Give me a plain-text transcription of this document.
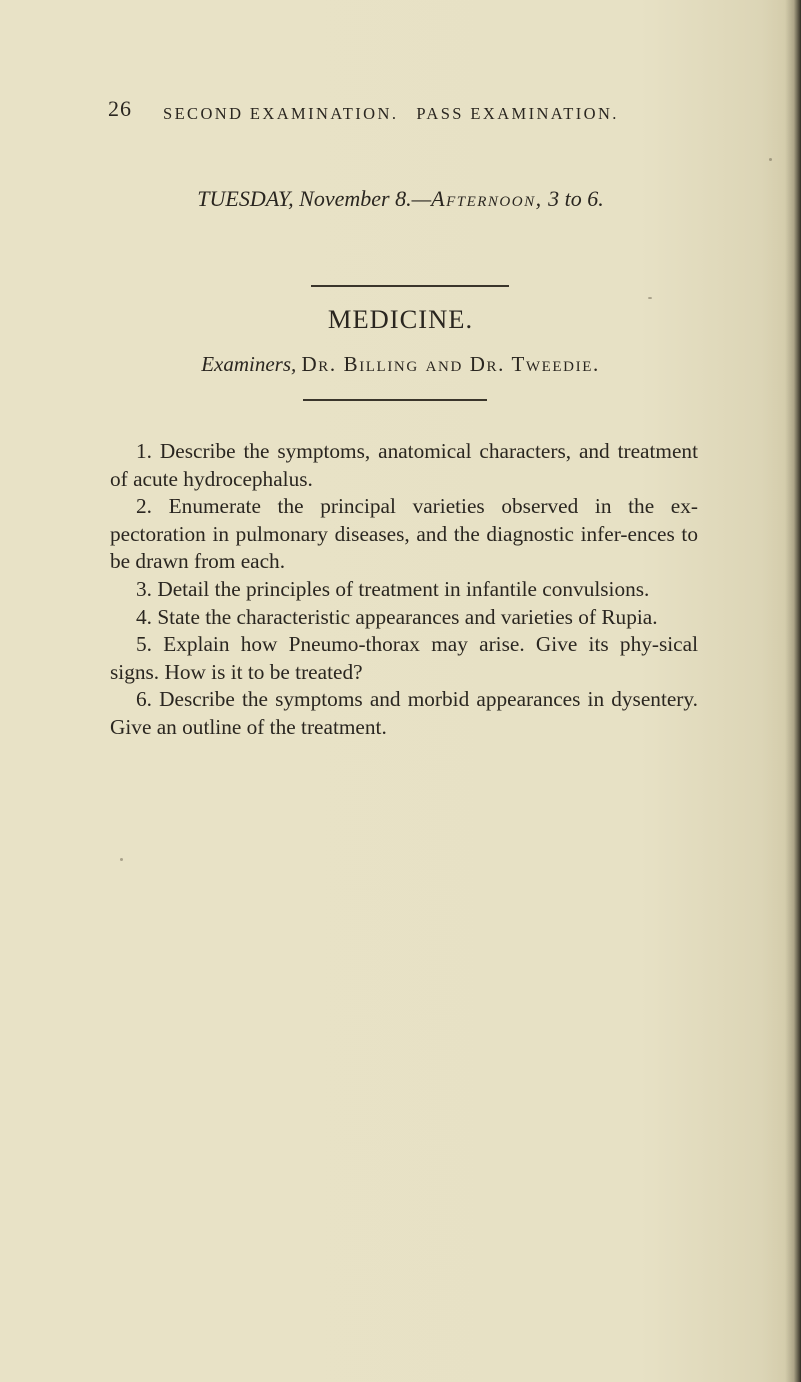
26 SECOND EXAMINATION. PASS EXAMINATION.
TUESDAY, November 8.—Afternoon, 3 to 6.
MEDICINE.
Examiners, Dr. Billing and Dr. Tweedie.
1. Describe the symptoms, anatomical characters, and treatment of acute hydrocephalus.
2. Enumerate the principal varieties observed in the ex-pectoration in pulmonary diseases, and the diagnostic infer-ences to be drawn from each.
3. Detail the principles of treatment in infantile convulsions.
4. State the characteristic appearances and varieties of Rupia.
5. Explain how Pneumo-thorax may arise. Give its phy-sical signs. How is it to be treated?
6. Describe the symptoms and morbid appearances in dysentery. Give an outline of the treatment.
